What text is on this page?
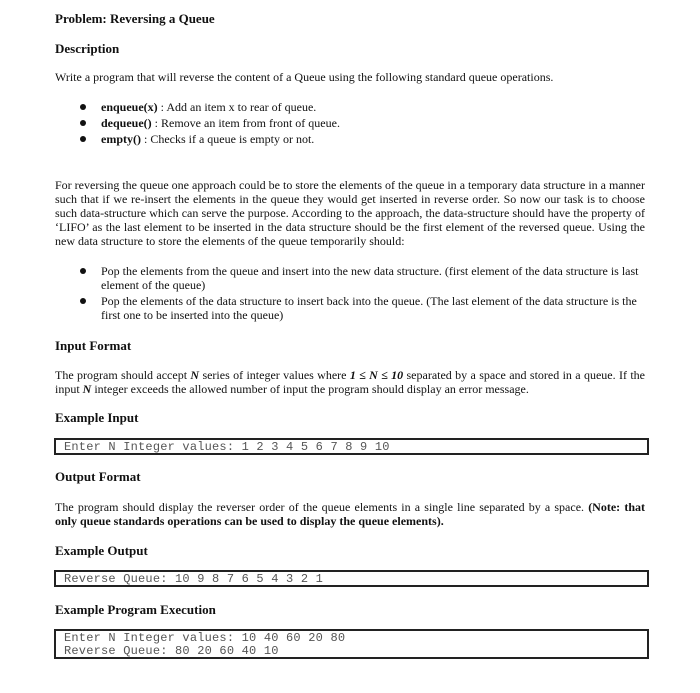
Problem: Reversing a Queue
Description
Write a program that will reverse the content of a Queue using the following standard queue operations.
enqueue(x) : Add an item x to rear of queue.
dequeue() : Remove an item from front of queue.
empty() : Checks if a queue is empty or not.
For reversing the queue one approach could be to store the elements of the queue in a temporary data structure in a manner such that if we re-insert the elements in the queue they would get inserted in reverse order. So now our task is to choose such data-structure which can serve the purpose. According to the approach, the data-structure should have the property of ‘LIFO’ as the last element to be inserted in the data structure should be the first element of the reversed queue. Using the new data structure to store the elements of the queue temporarily should:
Pop the elements from the queue and insert into the new data structure. (first element of the data structure is last element of the queue)
Pop the elements of the data structure to insert back into the queue. (The last element of the data structure is the first one to be inserted into the queue)
Input Format
The program should accept N series of integer values where 1 ≤ N ≤ 10 separated by a space and stored in a queue. If the input N integer exceeds the allowed number of input the program should display an error message.
Example Input
Enter N Integer values: 1 2 3 4 5 6 7 8 9 10
Output Format
The program should display the reverser order of the queue elements in a single line separated by a space. (Note: that only queue standards operations can be used to display the queue elements).
Example Output
Reverse Queue: 10 9 8 7 6 5 4 3 2 1
Example Program Execution
Enter N Integer values: 10 40 60 20 80
Reverse Queue: 80 20 60 40 10
